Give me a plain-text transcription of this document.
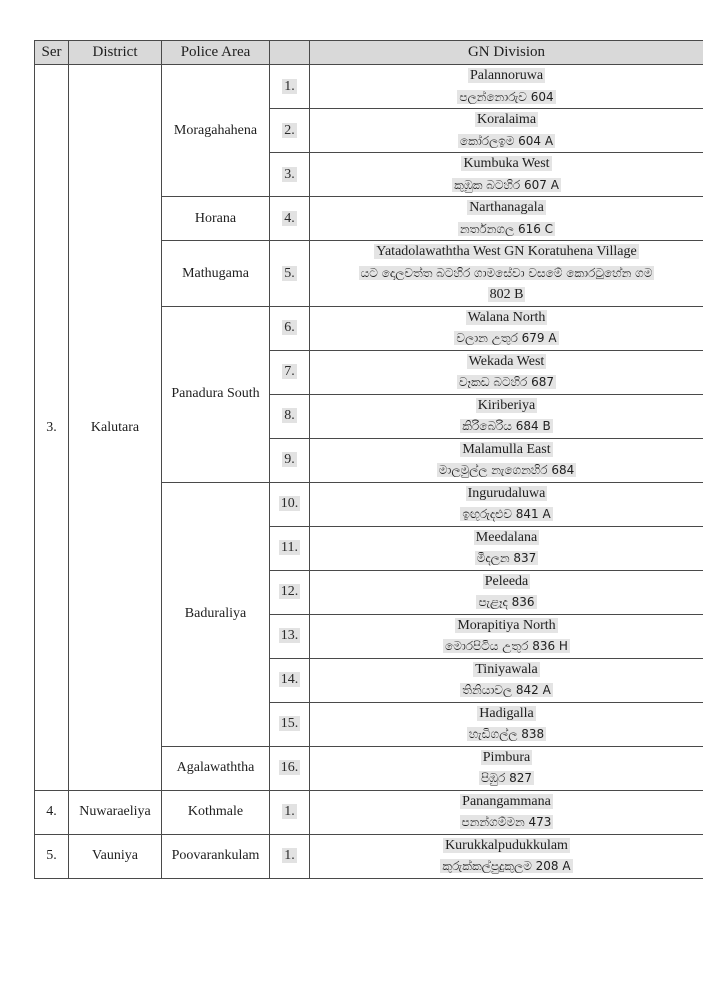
Ser	District	Police Area		GN Division
3.	Kalutara	Moragahahena	1.	Palannoruwa
පලන්නොරුව 604

			2.	Koralaima
කෝරලඉම 604 A

			3.	Kumbuka West
කුඹුක බටහිර 607 A

		Horana	4.	Narthanagala
නර්තනගල 616 C

		Mathugama	5.	Yatadolawaththa West GN Koratuhena Village
යට දොලවත්ත බටහිර ගාමසේවා වසමේ කොරටුහේන ගම
802 B

		Panadura South	6.	Walana North
වලාන උතුර 679 A

			7.	Wekada West
වෑකඩ බටහිර 687

			8.	Kiriberiya
කිරිබෙරිය 684 B

			9.	Malamulla East
මාලමුල්ල නැගෙනහිර 684

		Baduraliya	10.	Ingurudaluwa
ඉඟුරුදළුව 841 A

			11.	Meedalana
මීදලන 837

			12.	Peleeda
පැළෑද 836

			13.	Morapitiya North
මොරපිටිය උතුර 836 H

			14.	Tiniyawala
තිනියාවල 842 A

			15.	Hadigalla
හැඩිගල්ල 838

		Agalawaththa	16.	Pimbura
පිඹුර 827

4.	Nuwaraeliya	Kothmale	1.	Panangammana
පනන්ගම්මන 473

5.	Vauniya	Poovarankulam	1.	Kurukkalpudukkulam
කුරුක්කල්පුදුකුලම 208 A
